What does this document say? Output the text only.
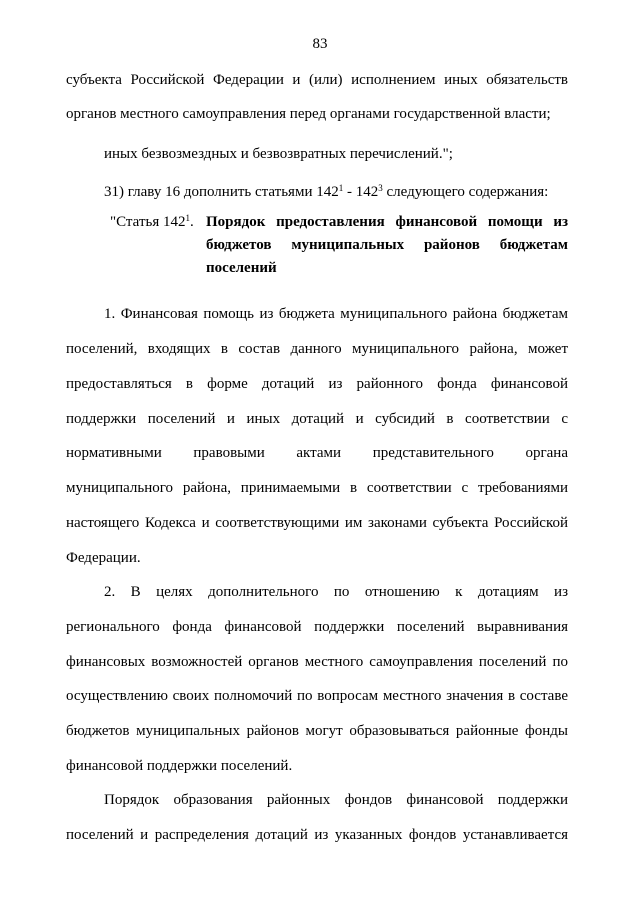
83
субъекта Российской Федерации и (или) исполнением иных обязательств
органов местного самоуправления перед органами государственной власти;
иных безвозмездных и безвозвратных перечислений.";
31) главу 16 дополнить статьями $142^1 - 142^3$ следующего содержания:
"Статья $142^1$. Порядок предоставления финансовой помощи из
бюджетов муниципальных районов бюджетам
поселений
1. Финансовая помощь из бюджета муниципального района бюджетам
поселений, входящих в состав данного муниципального района, может
предоставляться в форме дотаций из районного фонда финансовой
поддержки поселений и иных дотаций и субсидий в соответствии с
нормативными правовыми актами представительного органа
муниципального района, принимаемыми в соответствии с требованиями
настоящего Кодекса и соответствующими им законами субъекта Российской
Федерации.
2. В целях дополнительного по отношению к дотациям из
регионального фонда финансовой поддержки поселений выравнивания
финансовых возможностей органов местного самоуправления поселений по
осуществлению своих полномочий по вопросам местного значения в составе
бюджетов муниципальных районов могут образовываться районные фонды
финансовой поддержки поселений.
Порядок образования районных фондов финансовой поддержки
поселений и распределения дотаций из указанных фондов устанавливается
